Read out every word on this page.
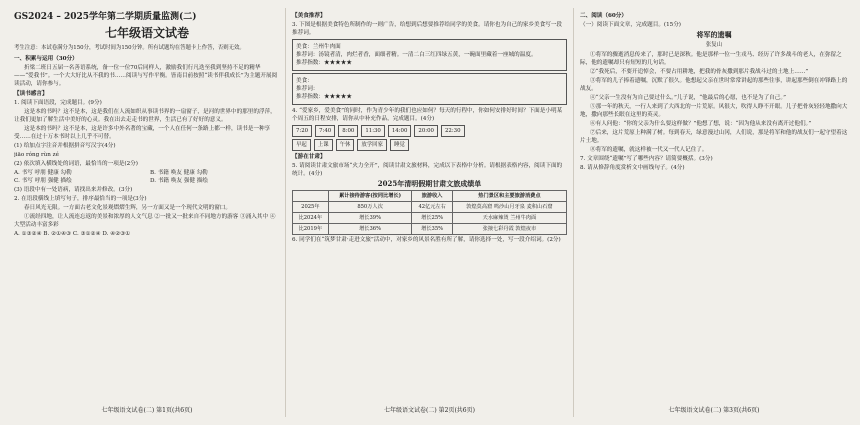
GS2024 – 2025学年第二学期质量监测(二)
七年级语文试卷
考生注意：本试卷满分为150分，考试时间为150分钟。所有试题均在答题卡上作答，否则无效。
一、积累与运用（30分）

折梁二班日五届一名善语系统，备一位一位70后同样人，激励我们行凡迭至我到坚持不足的精华——“爱我书”。一个大大好比从不我的书……阅读与写作平衡。皆南目前按照“读书伴我成长”为主题开展阅读活动，请你参与。

【读书感言】
1. 阅读下面语段，完成题目。(9分)

这是本的书吗？这不是本，这是我们在人流如织从事读书界的一扇窗子，是河的世界中的那里的浮萍，让我们更加了解生活中美好的心灵。我在出去走走书的世界，生活已有了好好的意义。

这是本的书吗？这不是本，这是许多中外名著的宝藏，一个人在任何一条路上都一样，读书是一种享受……在过十万本书时以上几乎不可替。

(1) 给加点字注音并根据拼音写汉字(4分)
jiāo róng rùn zé
(2) 依次填入横线处的词语，最恰当的一项是(2分)
A. 书写 呼朋 健康 勾勒	B. 书籍 唤友 健康 勾勒
C. 书写 呼朋 强健 描绘	D. 书籍 唤友 强健 描绘
(3) 语段中有一处语病，请找出来并修改。(3分)
2. 在语段横线上填写句子，排序最恰当的一项是(3分)

春日风光无限。一方面古老文化景观熠熠生辉，另一方面又是一个现代文明的窗口。

①流经四地，让人流连忘返的美景和浓厚的人文气息 ②一批又一批来自不同地方的游客 ③涌入其中 ④大型活动丰富多彩

A. ①③②④ B. ②①④③ C. ③①②④ D. ④②③①
七年级语文试卷(二) 第1页(共6页)
【美食推荐】
3. 下图是根据美食特色所制作的一则广告，给想到后想要推荐给同学的美食。请你也为自己的家乡美食写一段推荐词。
美食：兰州牛肉面
推荐词：汤镜者清，肉烂者香，面细者精。一清二白三红四绿五黄，一碗面里藏着一座城的温度。
推荐指数：★★★★★
美食：
推荐词：
推荐指数：★★★★★
4. “爱家乡，爱美食”的同时，作为青少年的我们也应如何？每天的行程中，你如何安排好时间？下面是小明某个周五的日程安排，请你从中补充作品，完成题目。(4分)
7:20	7:40	8:00	11:30	14:00	20:00	22:30
早起	上课	午休	放学回家	睡觉
【游在甘肃】
5. 请阅读甘肃文旅市场“火力全开”，阅读甘肃文旅材料，完成以下表格中分析。请根据表格内容，阅读下面的统计。(4分)
2025年清明假期甘肃文旅成绩单
	累计接待游客(按同比增长)	旅游收入	热门景区和主要旅游消费点
2025年	850万人次	42亿元左右	敦煌莫高窟 鸣沙山月牙泉 麦积山石窟
比2024年	增长39%	增长25%	天水麻辣烫 兰州牛肉面
比2019年	增长36%	增长35%	张掖七彩丹霞 敦煌夜市
6. 同学们在“筑梦甘肃·走进文旅”活动中，对家乡的风景名胜有所了解，请你选择一处，写一段介绍词。(2分)
七年级语文试卷(二) 第2页(共6页)
二、阅读（60分）
（一）阅读下面文章，完成题目。(15分)
将军的遗嘱
张复山

①将军的骤逝消息传来了，那时已是深秋。他是那样一位一生戎马、经历了许多战斗的老人，在弥留之际，他的遗嘱却只有短短的几句话。

②“我死后，不要开追悼会，不要占用耕地，把我的骨灰撒到那片我战斗过的土地上……”

③将军的儿子捧着遗嘱，沉默了很久。他想起父亲在世时常常讲起的那些往事，讲起那些倒在冲锋路上的战友。

④“父亲一生没有为自己要过什么。”儿子说，“他最后的心愿，也不是为了自己。”

⑤那一年的秋天，一行人来到了大西北的一片荒原。风很大，吹得人睁不开眼。儿子把骨灰轻轻地撒向大地，撒向那些长眠在这里的英灵。

⑥有人问他：“你的父亲为什么要这样做？”他想了想，说：“因为他从来没有离开过他们。”

⑦后来，这片荒原上种满了树。每到春天，绿意漫过山冈，人们说，那是将军和他的战友们一起守望着这片土地。

⑧将军的遗嘱，就这样被一代又一代人记住了。

7. 文章围绕“遗嘱”写了哪些内容？请简要概括。(3分)
8. 请从修辞角度赏析文中画线句子。(4分)
七年级语文试卷(二) 第3页(共6页)
